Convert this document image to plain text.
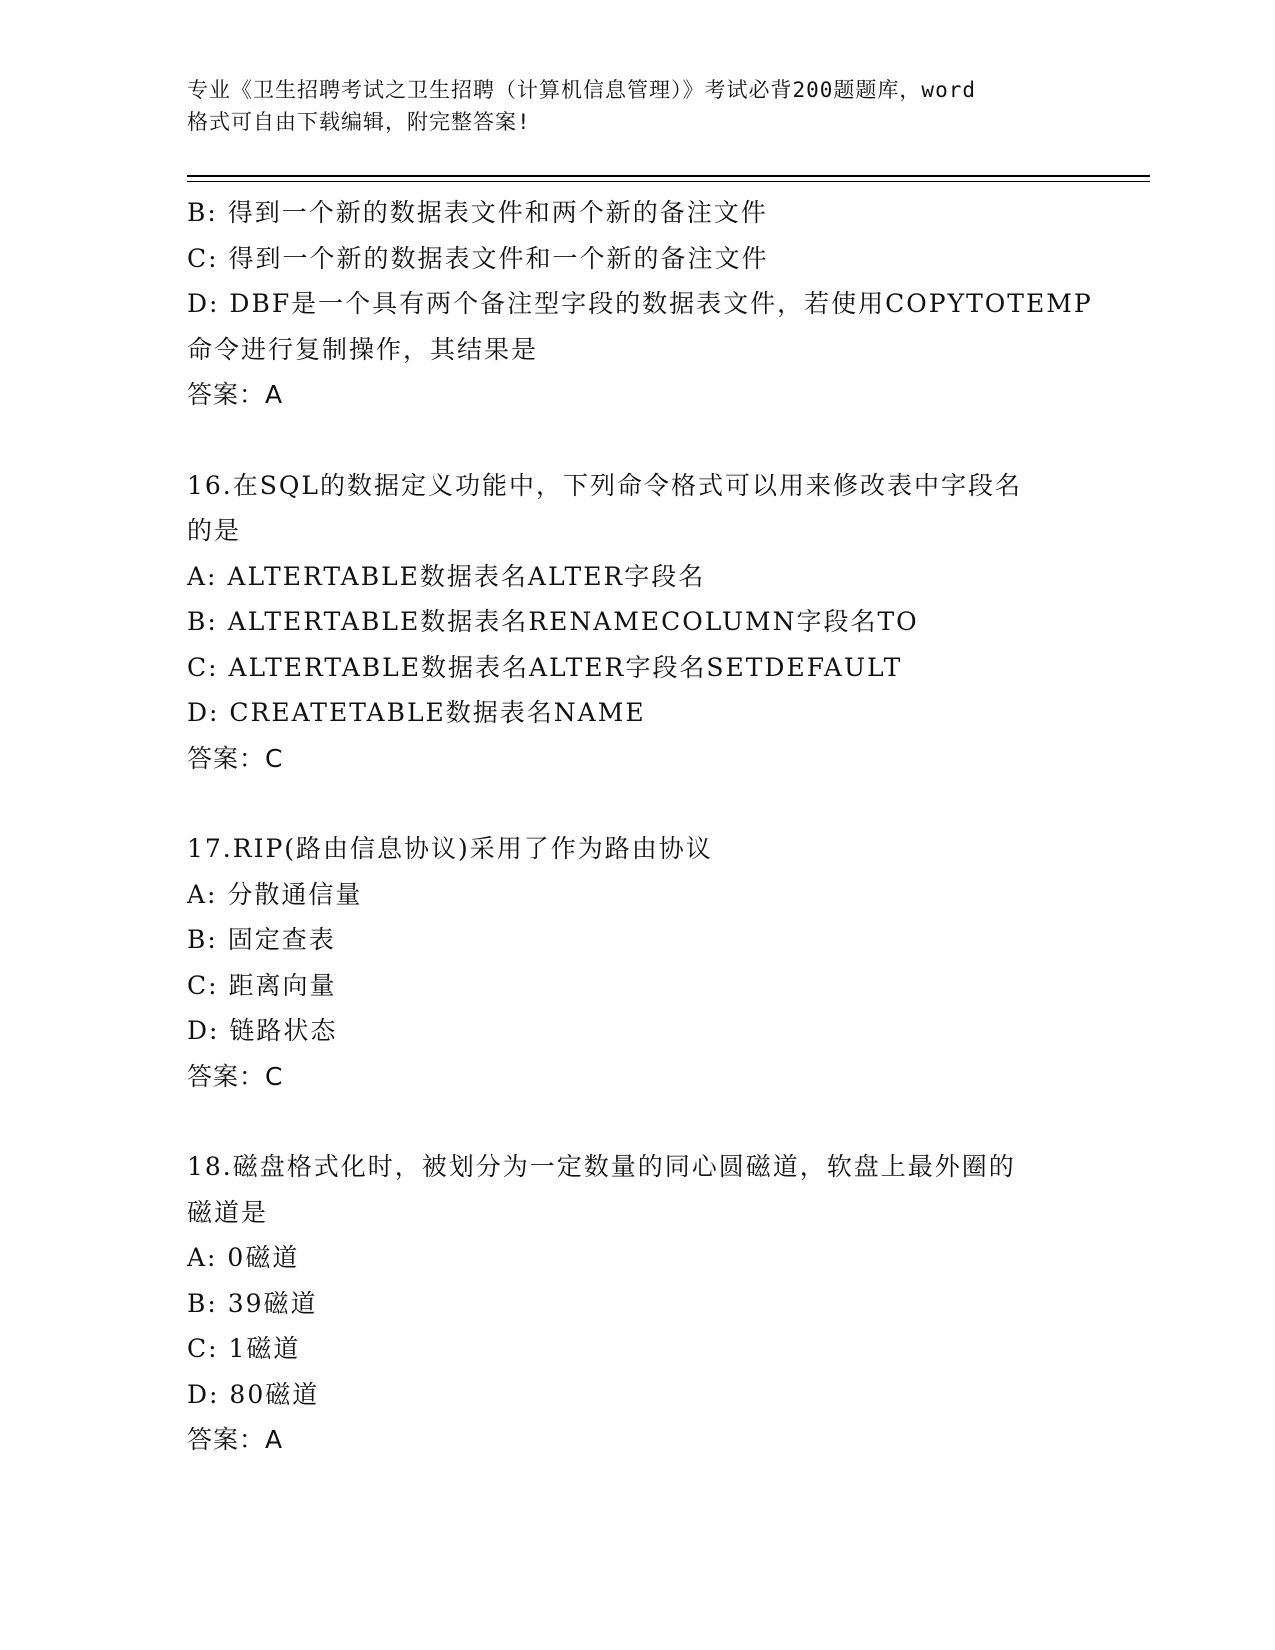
专业《卫生招聘考试之卫生招聘（计算机信息管理）》考试必背200题题库，word
格式可自由下载编辑，附完整答案!
B: 得到一个新的数据表文件和两个新的备注文件
C: 得到一个新的数据表文件和一个新的备注文件
D: DBF是一个具有两个备注型字段的数据表文件，若使用COPYTOTEMP
命令进行复制操作，其结果是
答案：A
16.在SQL的数据定义功能中，下列命令格式可以用来修改表中字段名
的是
A: ALTERTABLE数据表名ALTER字段名
B: ALTERTABLE数据表名RENAMECOLUMN字段名TO
C: ALTERTABLE数据表名ALTER字段名SETDEFAULT
D: CREATETABLE数据表名NAME
答案：C
17.RIP(路由信息协议)采用了作为路由协议
A: 分散通信量
B: 固定查表
C: 距离向量
D: 链路状态
答案：C
18.磁盘格式化时，被划分为一定数量的同心圆磁道，软盘上最外圈的
磁道是
A: 0磁道
B: 39磁道
C: 1磁道
D: 80磁道
答案：A
